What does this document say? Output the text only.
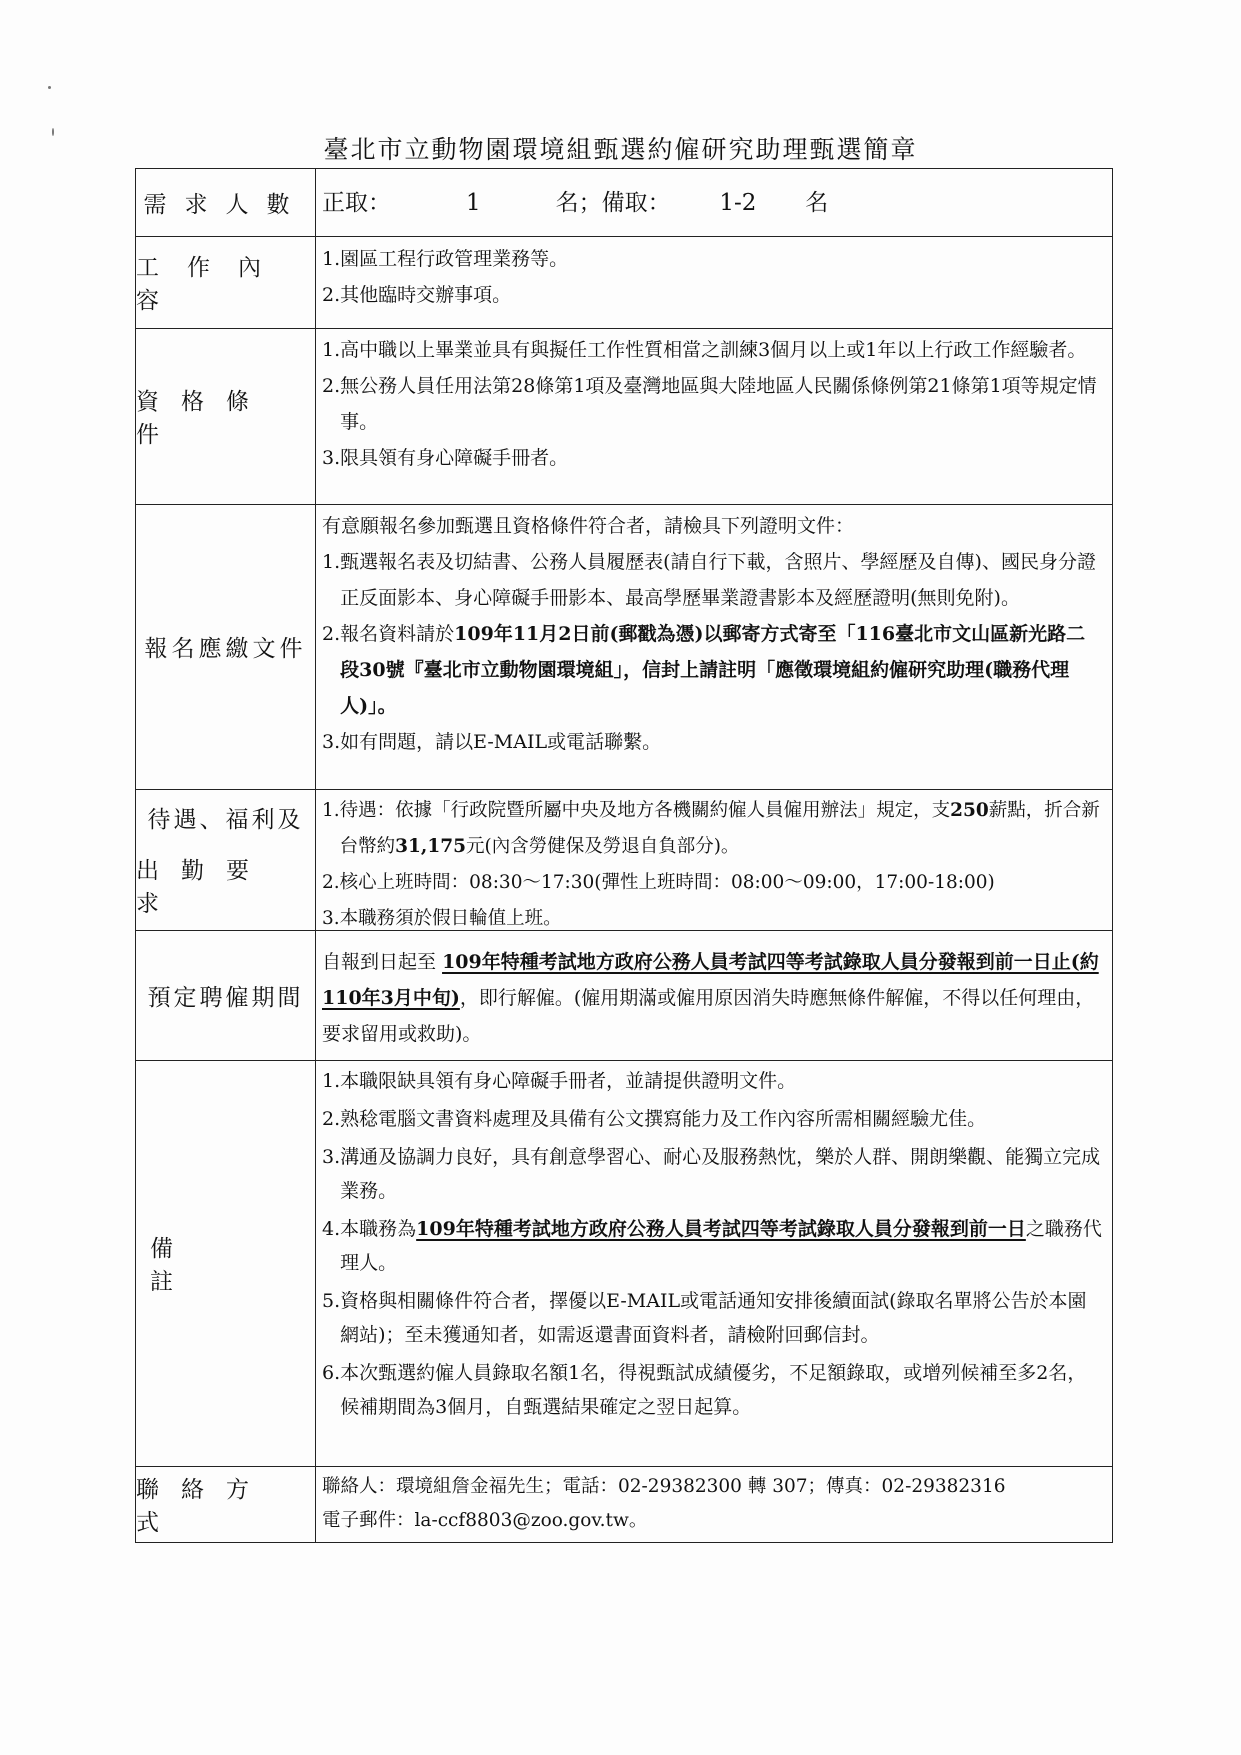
臺北市立動物園環境組甄選約僱研究助理甄選簡章
需求人數 正取：	1	名；備取： 1-2 名
工作內容
1. 園區工程行政管理業務等。
2. 其他臨時交辦事項。
資格條件
1. 高中職以上畢業並具有與擬任工作性質相當之訓練3個月以上或1年以上行政工作經驗者。
2. 無公務人員任用法第28條第1項及臺灣地區與大陸地區人民關係條例第21條第1項等規定情事。
3. 限具領有身心障礙手冊者。
報名應繳文件
有意願報名參加甄選且資格條件符合者，請檢具下列證明文件：
1. 甄選報名表及切結書、公務人員履歷表(請自行下載，含照片、學經歷及自傳)、國民身分證正反面影本、身心障礙手冊影本、最高學歷畢業證書影本及經歷證明(無則免附)。
2. 報名資料請於109年11月2日前(郵戳為憑)以郵寄方式寄至「116臺北市文山區新光路二段30號『臺北市立動物園環境組」，信封上請註明「應徵環境組約僱研究助理(職務代理人)」。
3. 如有問題，請以E-MAIL或電話聯繫。
待遇、福利及
出勤要求
1. 待遇：依據「行政院暨所屬中央及地方各機關約僱人員僱用辦法」規定，支250薪點，折合新台幣約31,175元(內含勞健保及勞退自負部分)。
2. 核心上班時間：08:30～17:30(彈性上班時間：08:00～09:00，17:00-18:00)
3. 本職務須於假日輪值上班。
預定聘僱期間
自報到日起至 109年特種考試地方政府公務人員考試四等考試錄取人員分發報到前一日止(約110年3月中旬)，即行解僱。(僱用期滿或僱用原因消失時應無條件解僱，不得以任何理由，要求留用或救助)。
備註
1. 本職限缺具領有身心障礙手冊者，並請提供證明文件。
2. 熟稔電腦文書資料處理及具備有公文撰寫能力及工作內容所需相關經驗尤佳。
3. 溝通及協調力良好，具有創意學習心、耐心及服務熱忱，樂於人群、開朗樂觀、能獨立完成業務。
4. 本職務為109年特種考試地方政府公務人員考試四等考試錄取人員分發報到前一日之職務代理人。
5. 資格與相關條件符合者，擇優以E-MAIL或電話通知安排後續面試(錄取名單將公告於本園網站)；至未獲通知者，如需返還書面資料者，請檢附回郵信封。
6. 本次甄選約僱人員錄取名額1名，得視甄試成績優劣，不足額錄取，或增列候補至多2名，候補期間為3個月，自甄選結果確定之翌日起算。
聯絡方式
聯絡人：環境組詹金福先生；電話：02-29382300 轉 307；傳真：02-29382316
電子郵件：la-ccf8803@zoo.gov.tw。
